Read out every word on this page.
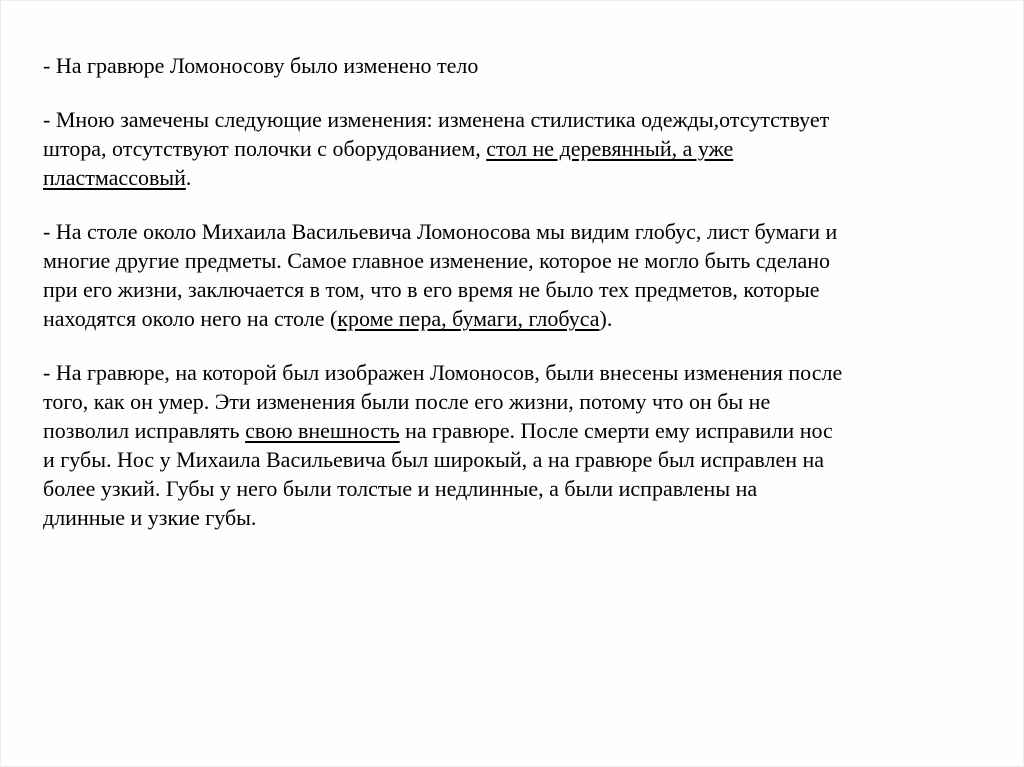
- На гравюре Ломоносову было изменено тело
- Мною замечены следующие изменения: изменена стилистика одежды,отсутствует
штора, отсутствуют полочки с оборудованием, стол не деревянный, а уже
пластмассовый.
- На столе около Михаила Васильевича Ломоносова мы видим глобус, лист бумаги и
многие другие предметы. Самое главное изменение, которое не могло быть сделано
при его жизни, заключается в том, что в его время не было тех предметов, которые
находятся около него на столе (кроме пера, бумаги, глобуса).
- На гравюре, на которой был изображен Ломоносов, были внесены изменения после
того, как он умер. Эти изменения были после его жизни, потому что он бы не
позволил исправлять свою внешность на гравюре. После смерти ему исправили нос
и губы. Нос у Михаила Васильевича был широкый, а на гравюре был исправлен на
более узкий. Губы у него были толстые и недлинные, а были исправлены на
длинные и узкие губы.
